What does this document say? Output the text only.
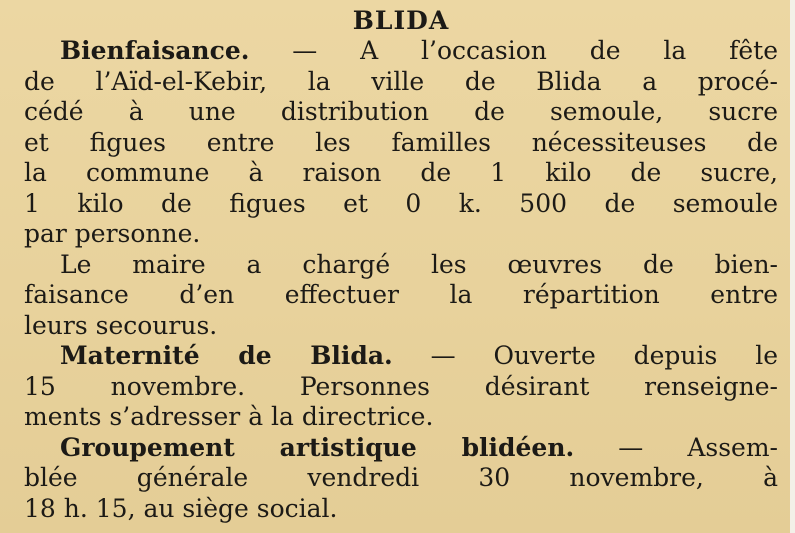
BLIDA

Bienfaisance. — A l’occasion de la fête
de l’Aïd-el-Kebir, la ville de Blida a procé-
cédé à une distribution de semoule, sucre
et figues entre les familles nécessiteuses de
la commune à raison de 1 kilo de sucre,
1 kilo de figues et 0 k. 500 de semoule
par personne.

Le maire a chargé les œuvres de bien-
faisance d’en effectuer la répartition entre
leurs secourus.

Maternité de Blida. — Ouverte depuis le
15 novembre. Personnes désirant renseigne-
ments s’adresser à la directrice.

Groupement artistique blidéen. — Assem-
blée générale vendredi 30 novembre, à
18 h. 15, au siège social.
